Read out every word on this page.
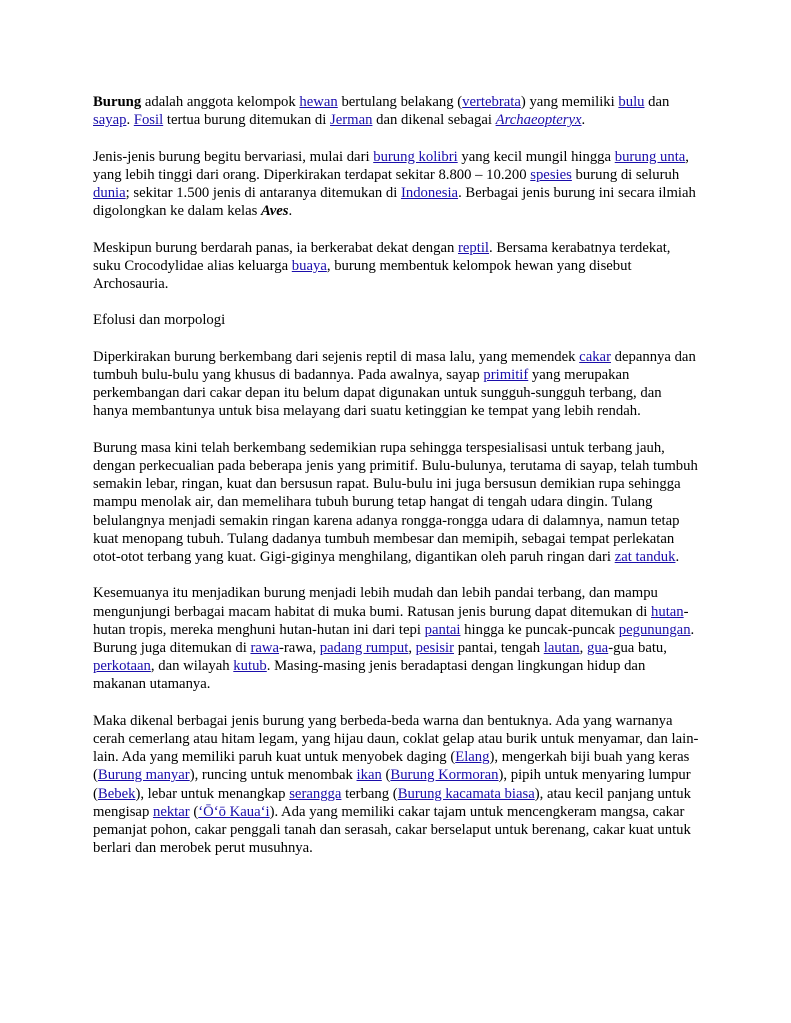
Burung adalah anggota kelompok hewan bertulang belakang (vertebrata) yang memiliki bulu dan sayap. Fosil tertua burung ditemukan di Jerman dan dikenal sebagai Archaeopteryx.

Jenis-jenis burung begitu bervariasi, mulai dari burung kolibri yang kecil mungil hingga burung unta, yang lebih tinggi dari orang. Diperkirakan terdapat sekitar 8.800 – 10.200 spesies burung di seluruh dunia; sekitar 1.500 jenis di antaranya ditemukan di Indonesia. Berbagai jenis burung ini secara ilmiah digolongkan ke dalam kelas Aves.

Meskipun burung berdarah panas, ia berkerabat dekat dengan reptil. Bersama kerabatnya terdekat, suku Crocodylidae alias keluarga buaya, burung membentuk kelompok hewan yang disebut Archosauria.

Efolusi dan morpologi

Diperkirakan burung berkembang dari sejenis reptil di masa lalu, yang memendek cakar depannya dan tumbuh bulu-bulu yang khusus di badannya. Pada awalnya, sayap primitif yang merupakan perkembangan dari cakar depan itu belum dapat digunakan untuk sungguh-sungguh terbang, dan hanya membantunya untuk bisa melayang dari suatu ketinggian ke tempat yang lebih rendah.

Burung masa kini telah berkembang sedemikian rupa sehingga terspesialisasi untuk terbang jauh, dengan perkecualian pada beberapa jenis yang primitif. Bulu-bulunya, terutama di sayap, telah tumbuh semakin lebar, ringan, kuat dan bersusun rapat. Bulu-bulu ini juga bersusun demikian rupa sehingga mampu menolak air, dan memelihara tubuh burung tetap hangat di tengah udara dingin. Tulang belulangnya menjadi semakin ringan karena adanya rongga-rongga udara di dalamnya, namun tetap kuat menopang tubuh. Tulang dadanya tumbuh membesar dan memipih, sebagai tempat perlekatan otot-otot terbang yang kuat. Gigi-giginya menghilang, digantikan oleh paruh ringan dari zat tanduk.

Kesemuanya itu menjadikan burung menjadi lebih mudah dan lebih pandai terbang, dan mampu mengunjungi berbagai macam habitat di muka bumi. Ratusan jenis burung dapat ditemukan di hutan-hutan tropis, mereka menghuni hutan-hutan ini dari tepi pantai hingga ke puncak-puncak pegunungan. Burung juga ditemukan di rawa-rawa, padang rumput, pesisir pantai, tengah lautan, gua-gua batu, perkotaan, dan wilayah kutub. Masing-masing jenis beradaptasi dengan lingkungan hidup dan makanan utamanya.

Maka dikenal berbagai jenis burung yang berbeda-beda warna dan bentuknya. Ada yang warnanya cerah cemerlang atau hitam legam, yang hijau daun, coklat gelap atau burik untuk menyamar, dan lain-lain. Ada yang memiliki paruh kuat untuk menyobek daging (Elang), mengerkah biji buah yang keras (Burung manyar), runcing untuk menombak ikan (Burung Kormoran), pipih untuk menyaring lumpur (Bebek), lebar untuk menangkap serangga terbang (Burung kacamata biasa), atau kecil panjang untuk mengisap nektar (‘Ō‘ō Kaua‘i). Ada yang memiliki cakar tajam untuk mencengkeram mangsa, cakar pemanjat pohon, cakar penggali tanah dan serasah, cakar berselaput untuk berenang, cakar kuat untuk berlari dan merobek perut musuhnya.
